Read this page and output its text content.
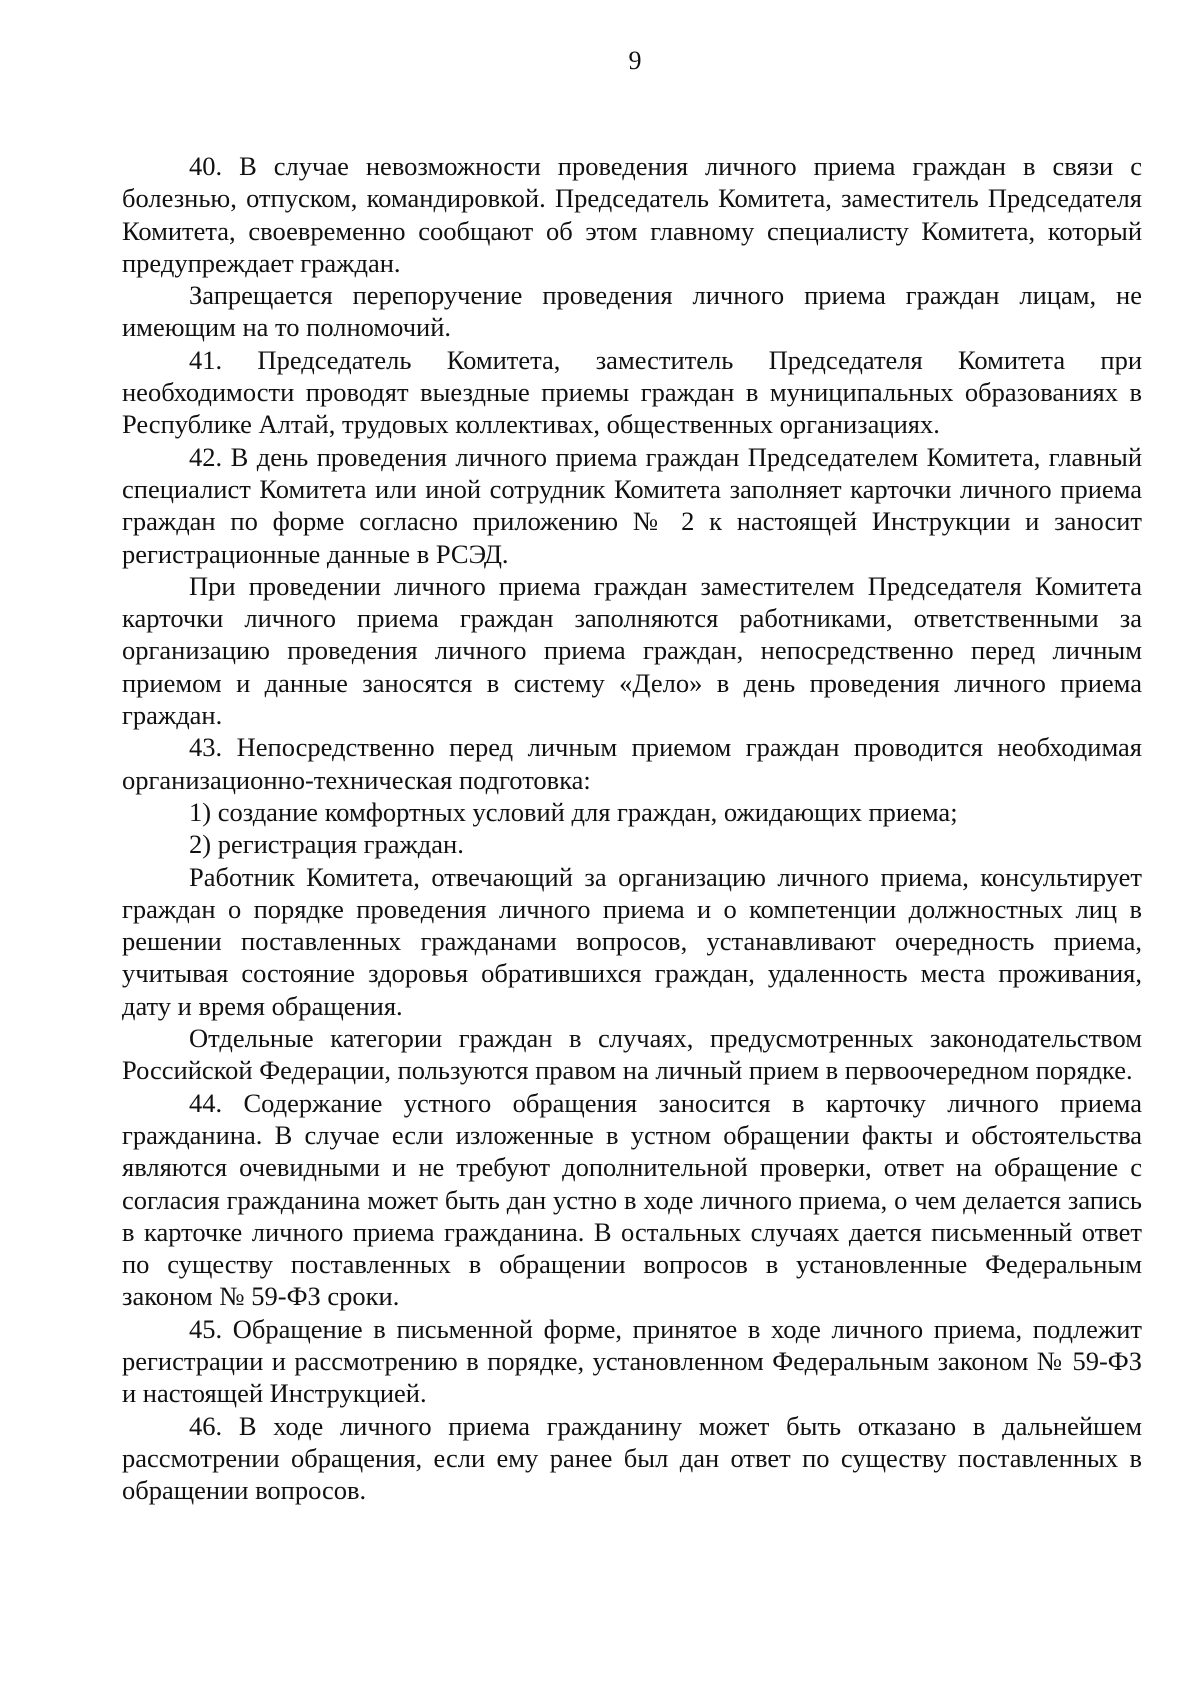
9

40. В случае невозможности проведения личного приема граждан в связи с болезнью, отпуском, командировкой. Председатель Комитета, заместитель Председателя Комитета, своевременно сообщают об этом главному специалисту Комитета, который предупреждает граждан.

Запрещается перепоручение проведения личного приема граждан лицам, не имеющим на то полномочий.

41. Председатель Комитета, заместитель Председателя Комитета при необходимости проводят выездные приемы граждан в муниципальных образованиях в Республике Алтай, трудовых коллективах, общественных организациях.

42. В день проведения личного приема граждан Председателем Комитета, главный специалист Комитета или иной сотрудник Комитета заполняет карточки личного приема граждан по форме согласно приложению № 2 к настоящей Инструкции и заносит регистрационные данные в РСЭД.

При проведении личного приема граждан заместителем Председателя Комитета карточки личного приема граждан заполняются работниками, ответственными за организацию проведения личного приема граждан, непосредственно перед личным приемом и данные заносятся в систему «Дело» в день проведения личного приема граждан.

43. Непосредственно перед личным приемом граждан проводится необходимая организационно-техническая подготовка:

1) создание комфортных условий для граждан, ожидающих приема;

2) регистрация граждан.

Работник Комитета, отвечающий за организацию личного приема, консультирует граждан о порядке проведения личного приема и о компетенции должностных лиц в решении поставленных гражданами вопросов, устанавливают очередность приема, учитывая состояние здоровья обратившихся граждан, удаленность места проживания, дату и время обращения.

Отдельные категории граждан в случаях, предусмотренных законодательством Российской Федерации, пользуются правом на личный прием в первоочередном порядке.

44. Содержание устного обращения заносится в карточку личного приема гражданина. В случае если изложенные в устном обращении факты и обстоятельства являются очевидными и не требуют дополнительной проверки, ответ на обращение с согласия гражданина может быть дан устно в ходе личного приема, о чем делается запись в карточке личного приема гражданина. В остальных случаях дается письменный ответ по существу поставленных в обращении вопросов в установленные Федеральным законом № 59-ФЗ сроки.

45. Обращение в письменной форме, принятое в ходе личного приема, подлежит регистрации и рассмотрению в порядке, установленном Федеральным законом № 59-ФЗ и настоящей Инструкцией.

46. В ходе личного приема гражданину может быть отказано в дальнейшем рассмотрении обращения, если ему ранее был дан ответ по существу поставленных в обращении вопросов.
